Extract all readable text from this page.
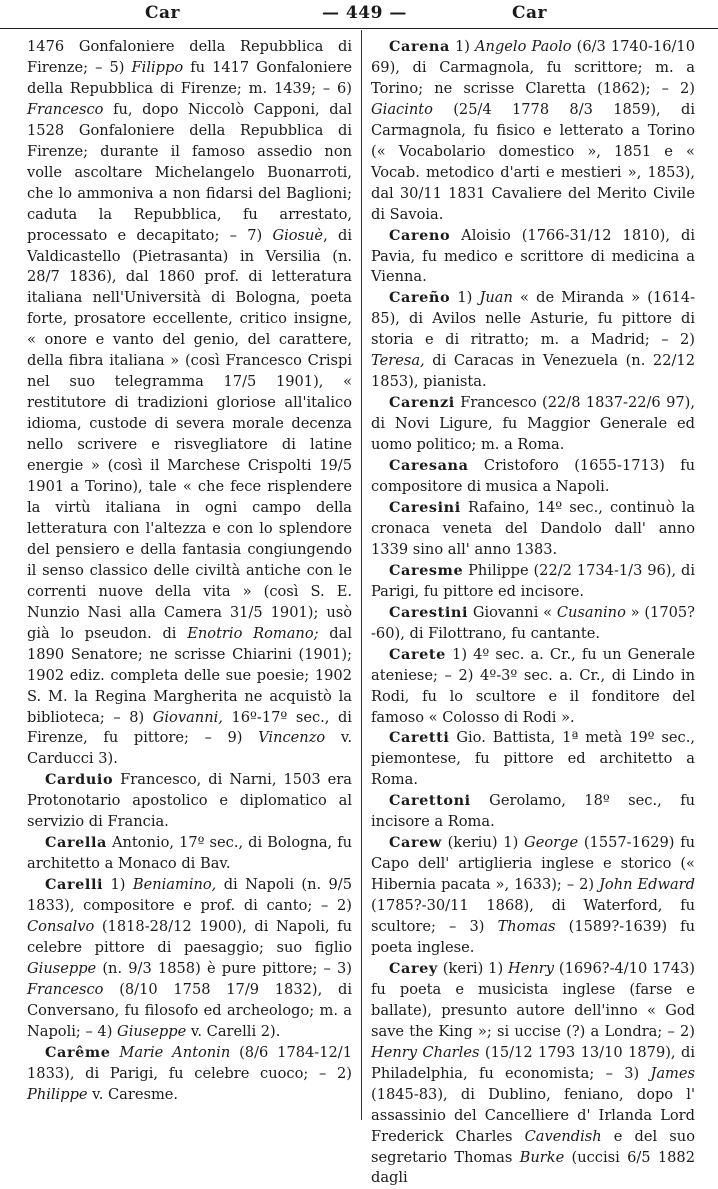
Car	— 449 —	Car

1476 Gonfaloniere della Repubblica di Firenze; – 5) Filippo fu 1417 Gonfaloniere della Repubblica di Firenze; m. 1439; – 6) Francesco fu, dopo Niccolò Capponi, dal 1528 Gonfaloniere della Repubblica di Firenze; durante il famoso assedio non volle ascoltare Michelangelo Buonarroti, che lo ammoniva a non fidarsi del Baglioni; caduta la Repubblica, fu arrestato, processato e decapitato; – 7) Giosuè, di Valdicastello (Pietrasanta) in Versilia (n. 28/7 1836), dal 1860 prof. di letteratura italiana nell'Università di Bologna, poeta forte, prosatore eccellente, critico insigne, « onore e vanto del genio, del carattere, della fibra italiana » (così Francesco Crispi nel suo telegramma 17/5 1901), « restitutore di tradizioni gloriose all'italico idioma, custode di severa morale decenza nello scrivere e risvegliatore di latine energie » (così il Marchese Crispolti 19/5 1901 a Torino), tale « che fece risplendere la virtù italiana in ogni campo della letteratura con l'altezza e con lo splendore del pensiero e della fantasia congiungendo il senso classico delle civiltà antiche con le correnti nuove della vita » (così S. E. Nunzio Nasi alla Camera 31/5 1901); usò già lo pseudon. di Enotrio Romano; dal 1890 Senatore; ne scrisse Chiarini (1901); 1902 ediz. completa delle sue poesie; 1902 S. M. la Regina Margherita ne acquistò la biblioteca; – 8) Giovanni, 16º-17º sec., di Firenze, fu pittore; – 9) Vincenzo v. Carducci 3).

Carduio Francesco, di Narni, 1503 era Protonotario apostolico e diplomatico al servizio di Francia.

Carella Antonio, 17º sec., di Bologna, fu architetto a Monaco di Bav.

Carelli 1) Beniamino, di Napoli (n. 9/5 1833), compositore e prof. di canto; – 2) Consalvo (1818-28/12 1900), di Napoli, fu celebre pittore di paesaggio; suo figlio Giuseppe (n. 9/3 1858) è pure pittore; – 3) Francesco (8/10 1758 17/9 1832), di Conversano, fu filosofo ed archeologo; m. a Napoli; – 4) Giuseppe v. Carelli 2).

Carême Marie Antonin (8/6 1784-12/1 1833), di Parigi, fu celebre cuoco; – 2) Philippe v. Caresme.

Carena 1) Angelo Paolo (6/3 1740-16/10 69), di Carmagnola, fu scrittore; m. a Torino; ne scrisse Claretta (1862); – 2) Giacinto (25/4 1778 8/3 1859), di Carmagnola, fu fisico e letterato a Torino (« Vocabolario domestico », 1851 e « Vocab. metodico d'arti e mestieri », 1853), dal 30/11 1831 Cavaliere del Merito Civile di Savoia.

Careno Aloisio (1766-31/12 1810), di Pavia, fu medico e scrittore di medicina a Vienna.

Careño 1) Juan « de Miranda » (1614-85), di Avilos nelle Asturie, fu pittore di storia e di ritratto; m. a Madrid; – 2) Teresa, di Caracas in Venezuela (n. 22/12 1853), pianista.

Carenzi Francesco (22/8 1837-22/6 97), di Novi Ligure, fu Maggior Generale ed uomo politico; m. a Roma.

Caresana Cristoforo (1655-1713) fu compositore di musica a Napoli.

Caresini Rafaino, 14º sec., continuò la cronaca veneta del Dandolo dall' anno 1339 sino all' anno 1383.

Caresme Philippe (22/2 1734-1/3 96), di Parigi, fu pittore ed incisore.

Carestini Giovanni « Cusanino » (1705?-60), di Filottrano, fu cantante.

Carete 1) 4º sec. a. Cr., fu un Generale ateniese; – 2) 4º-3º sec. a. Cr., di Lindo in Rodi, fu lo scultore e il fonditore del famoso « Colosso di Rodi ».

Caretti Gio. Battista, 1ª metà 19º sec., piemontese, fu pittore ed architetto a Roma.

Carettoni Gerolamo, 18º sec., fu incisore a Roma.

Carew (keriu) 1) George (1557-1629) fu Capo dell' artiglieria inglese e storico (« Hibernia pacata », 1633); – 2) John Edward (1785?-30/11 1868), di Waterford, fu scultore; – 3) Thomas (1589?-1639) fu poeta inglese.

Carey (keri) 1) Henry (1696?-4/10 1743) fu poeta e musicista inglese (farse e ballate), presunto autore dell'inno « God save the King »; si uccise (?) a Londra; – 2) Henry Charles (15/12 1793 13/10 1879), di Philadelphia, fu economista; – 3) James (1845-83), di Dublino, feniano, dopo l' assassinio del Cancelliere d' Irlanda Lord Frederick Charles Cavendish e del suo segretario Thomas Burke (uccisi 6/5 1882 dagli
